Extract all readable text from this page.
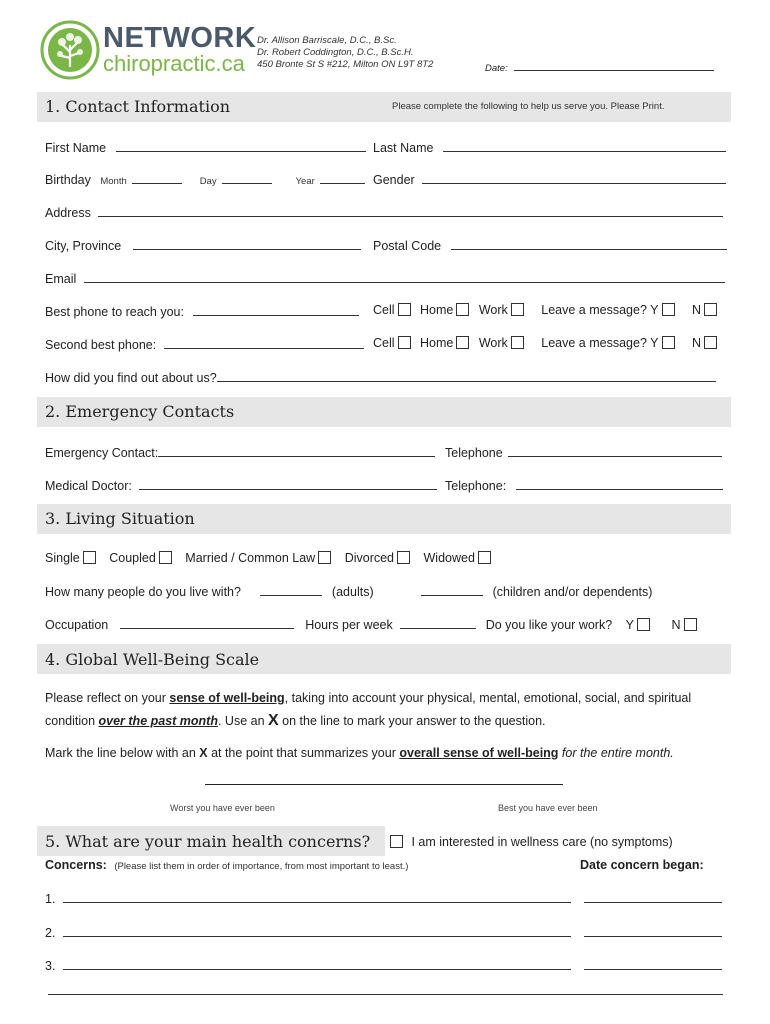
NETWORK
chiropractic.ca
Dr. Allison Barriscale, D.C., B.Sc.
Dr. Robert Coddington, D.C., B.Sc.H.
450 Bronte St S #212, Milton ON L9T 8T2	Date:
1. Contact Information	Please complete the following to help us serve you. Please Print.
First Name	Last Name
Birthday Month	Day	Year	Gender
Address
City, Province	Postal Code
Email
Best phone to reach you:	Cell Home Work	Leave a message? Y	N
Second best phone:	Cell Home Work	Leave a message? Y	N
How did you find out about us?
2. Emergency Contacts
Emergency Contact:	Telephone
Medical Doctor:	Telephone:
3. Living Situation
Single Coupled Married / Common Law Divorced Widowed
How many people do you live with?	(adults)	(children and/or dependents)
Occupation	Hours per week	Do you like your work? Y	N
4. Global Well-Being Scale
Please reflect on your sense of well-being, taking into account your physical, mental, emotional, social, and spiritual
condition over the past month. Use an X on the line to mark your answer to the question.
Mark the line below with an X at the point that summarizes your overall sense of well-being for the entire month.
Worst you have ever been	Best you have ever been
5. What are your main health concerns?	I am interested in wellness care (no symptoms)
Concerns: (Please list them in order of importance, from most important to least.)	Date concern began:
1.
2.
3.
